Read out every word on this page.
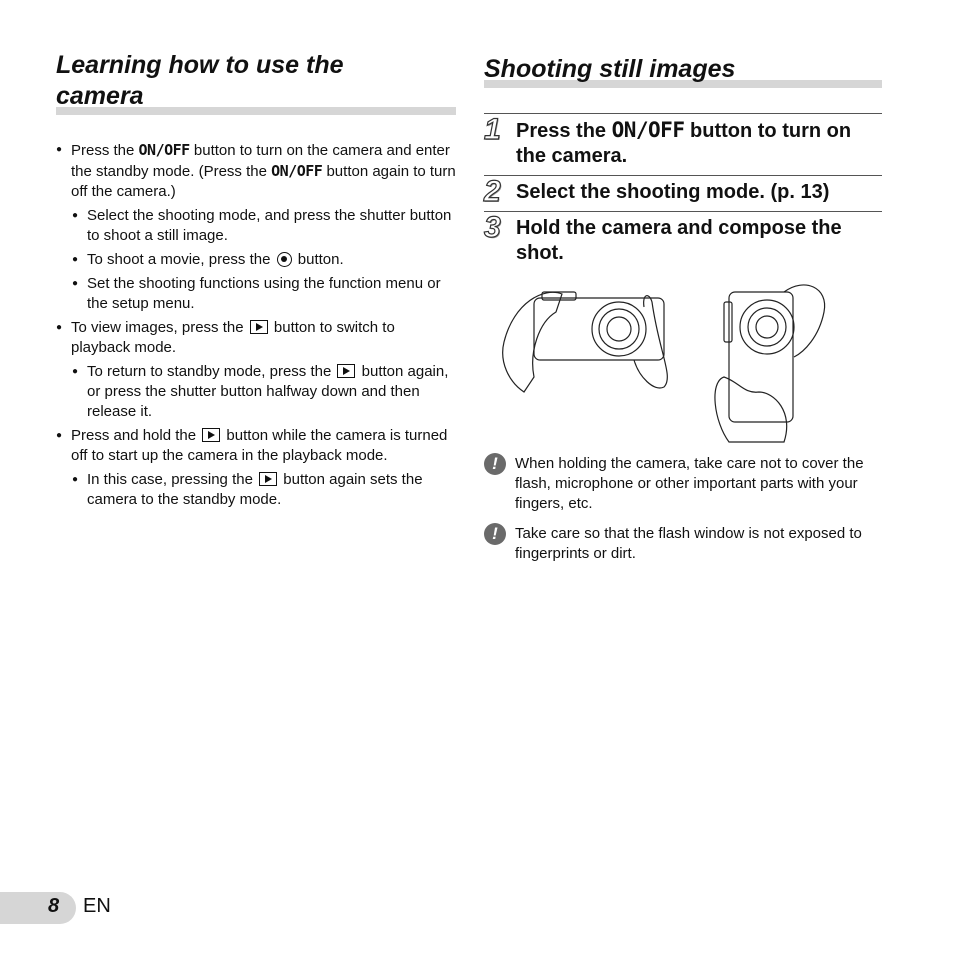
Learning how to use the
camera
● Press the ON/OFF button to turn on the camera and enter the standby mode. (Press the ON/OFF button again to turn off the camera.)
● Select the shooting mode, and press the shutter button to shoot a still image.
● To shoot a movie, press the  button.
● Set the shooting functions using the function menu or the setup menu.
● To view images, press the  button to switch to playback mode.
● To return to standby mode, press the  button again, or press the shutter button halfway down and then release it.
● Press and hold the  button while the camera is turned off to start up the camera in the playback mode.
● In this case, pressing the  button again sets the camera to the standby mode.
Shooting still images
1 Press the ON/OFF button to turn on the camera.
2 Select the shooting mode. (p. 13)
3 Hold the camera and compose the shot.
!	When holding the camera, take care not to cover the flash, microphone or other important parts with your fingers, etc.
!	Take care so that the flash window is not exposed to fingerprints or dirt.
8 EN
